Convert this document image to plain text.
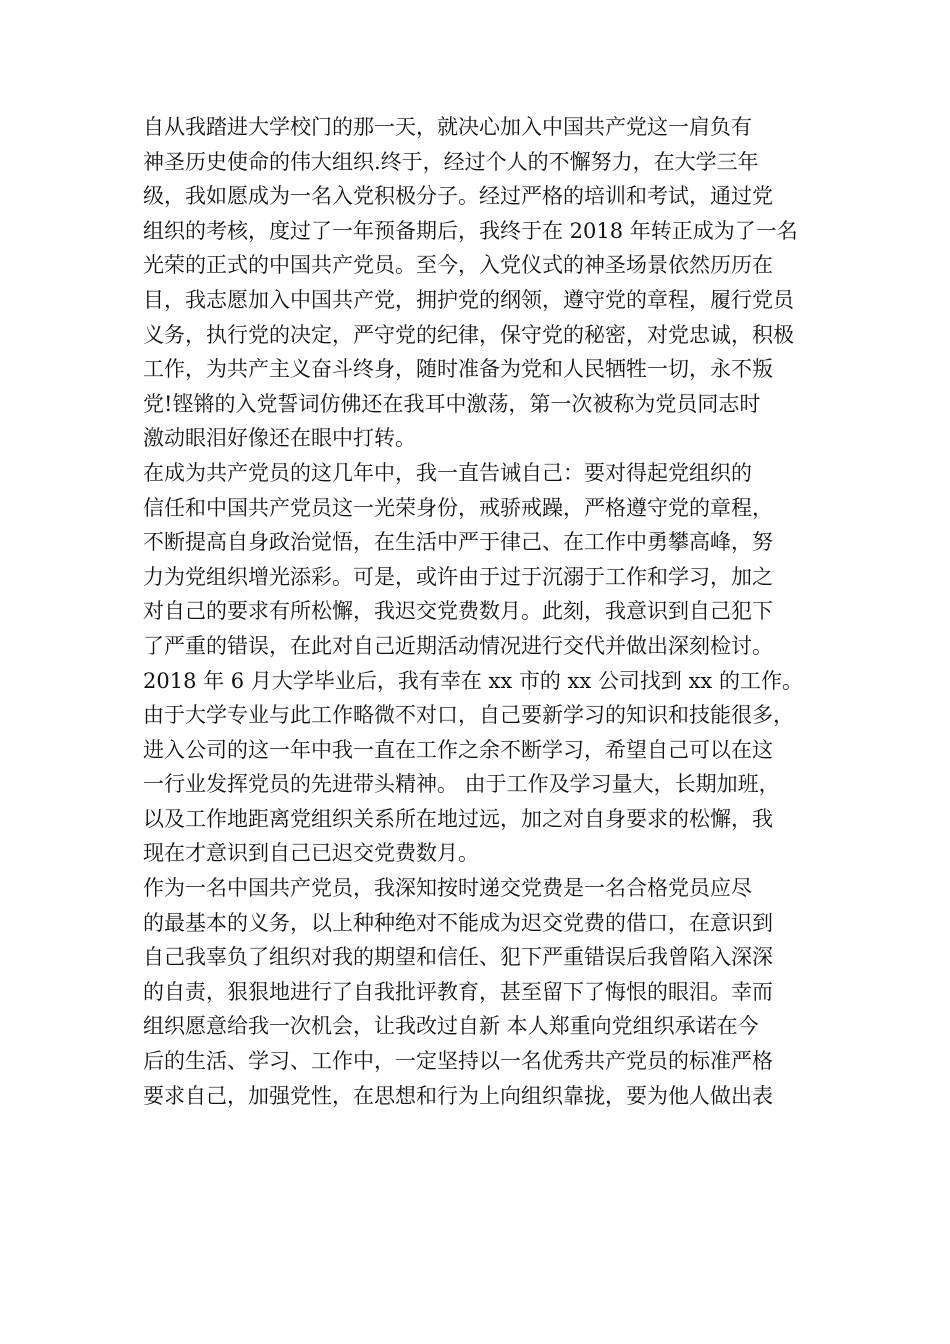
自从我踏进大学校门的那一天，就决心加入中国共产党这一肩负有
神圣历史使命的伟大组织.终于，经过个人的不懈努力，在大学三年
级，我如愿成为一名入党积极分子。经过严格的培训和考试，通过党
组织的考核，度过了一年预备期后，我终于在 2018 年转正成为了一名
光荣的正式的中国共产党员。至今，入党仪式的神圣场景依然历历在
目，我志愿加入中国共产党，拥护党的纲领，遵守党的章程，履行党员
义务，执行党的决定，严守党的纪律，保守党的秘密，对党忠诚，积极
工作，为共产主义奋斗终身，随时准备为党和人民牺牲一切，永不叛
党!铿锵的入党誓词仿佛还在我耳中激荡，第一次被称为党员同志时
激动眼泪好像还在眼中打转。
在成为共产党员的这几年中，我一直告诫自己：要对得起党组织的
信任和中国共产党员这一光荣身份，戒骄戒躁，严格遵守党的章程，
不断提高自身政治觉悟，在生活中严于律己、在工作中勇攀高峰，努
力为党组织增光添彩。可是，或许由于过于沉溺于工作和学习，加之
对自己的要求有所松懈，我迟交党费数月。此刻，我意识到自己犯下
了严重的错误，在此对自己近期活动情况进行交代并做出深刻检讨。
2018 年 6 月大学毕业后，我有幸在 xx 市的 xx 公司找到 xx 的工作。
由于大学专业与此工作略微不对口，自己要新学习的知识和技能很多，
进入公司的这一年中我一直在工作之余不断学习，希望自己可以在这
一行业发挥党员的先进带头精神。 由于工作及学习量大，长期加班，
以及工作地距离党组织关系所在地过远，加之对自身要求的松懈，我
现在才意识到自己已迟交党费数月。
作为一名中国共产党员，我深知按时递交党费是一名合格党员应尽
的最基本的义务，以上种种绝对不能成为迟交党费的借口，在意识到
自己我辜负了组织对我的期望和信任、犯下严重错误后我曾陷入深深
的自责，狠狠地进行了自我批评教育，甚至留下了悔恨的眼泪。幸而
组织愿意给我一次机会，让我改过自新 本人郑重向党组织承诺在今
后的生活、学习、工作中，一定坚持以一名优秀共产党员的标准严格
要求自己，加强党性，在思想和行为上向组织靠拢，要为他人做出表
